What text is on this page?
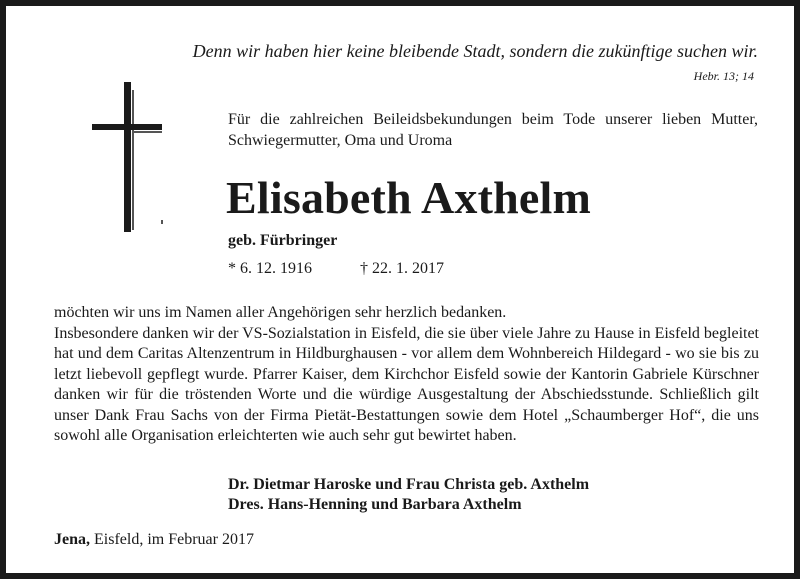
Denn wir haben hier keine bleibende Stadt, sondern die zukünftige suchen wir.
Hebr. 13; 14
Für die zahlreichen Beileidsbekundungen beim Tode unserer lieben Mutter, Schwiegermutter, Oma und Uroma
Elisabeth Axthelm
geb. Fürbringer
* 6. 12. 1916	† 22. 1. 2017

möchten wir uns im Namen aller Angehörigen sehr herzlich bedanken.

Insbesondere danken wir der VS-Sozialstation in Eisfeld, die sie über viele Jahre zu Hause in Eisfeld begleitet hat und dem Caritas Altenzentrum in Hildburghausen - vor allem dem Wohnbereich Hildegard - wo sie bis zu letzt liebevoll gepflegt wurde. Pfarrer Kaiser, dem Kirchchor Eisfeld sowie der Kantorin Gabriele Kürschner danken wir für die tröstenden Worte und die würdige Ausgestaltung der Abschiedsstunde. Schließlich gilt unser Dank Frau Sachs von der Firma Pietät-Bestattungen sowie dem Hotel „Schaumberger Hof“, die uns sowohl alle Organisation erleichterten wie auch sehr gut bewirtet haben.

Dr. Dietmar Haroske und Frau Christa geb. Axthelm
Dres. Hans-Henning und Barbara Axthelm
Jena, Eisfeld, im Februar 2017
